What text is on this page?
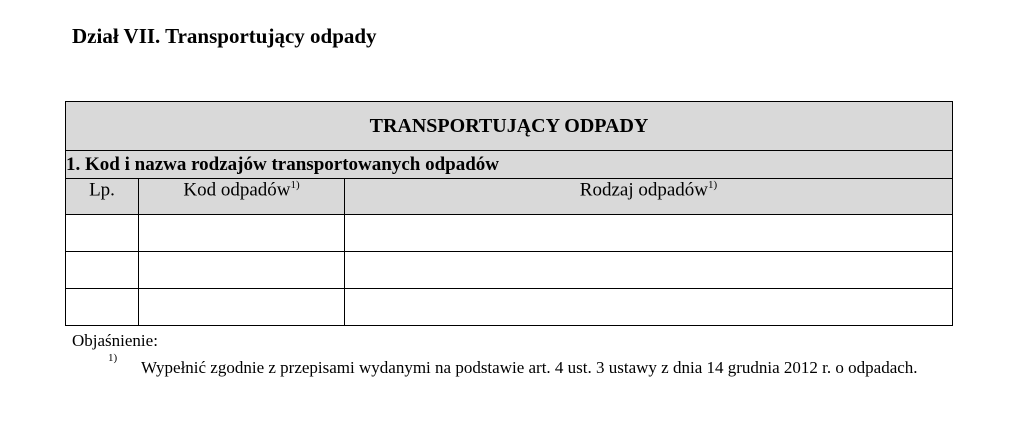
Dział VII. Transportujący odpady
TRANSPORTUJĄCY ODPADY		
1. Kod i nazwa rodzajów transportowanych odpadów		
Lp.	Kod odpadów$^{1)}$	Rodzaj odpadów$^{1)}$

Objaśnienie:
1) Wypełnić zgodnie z przepisami wydanymi na podstawie art. 4 ust. 3 ustawy z dnia 14 grudnia 2012 r. o odpadach.
